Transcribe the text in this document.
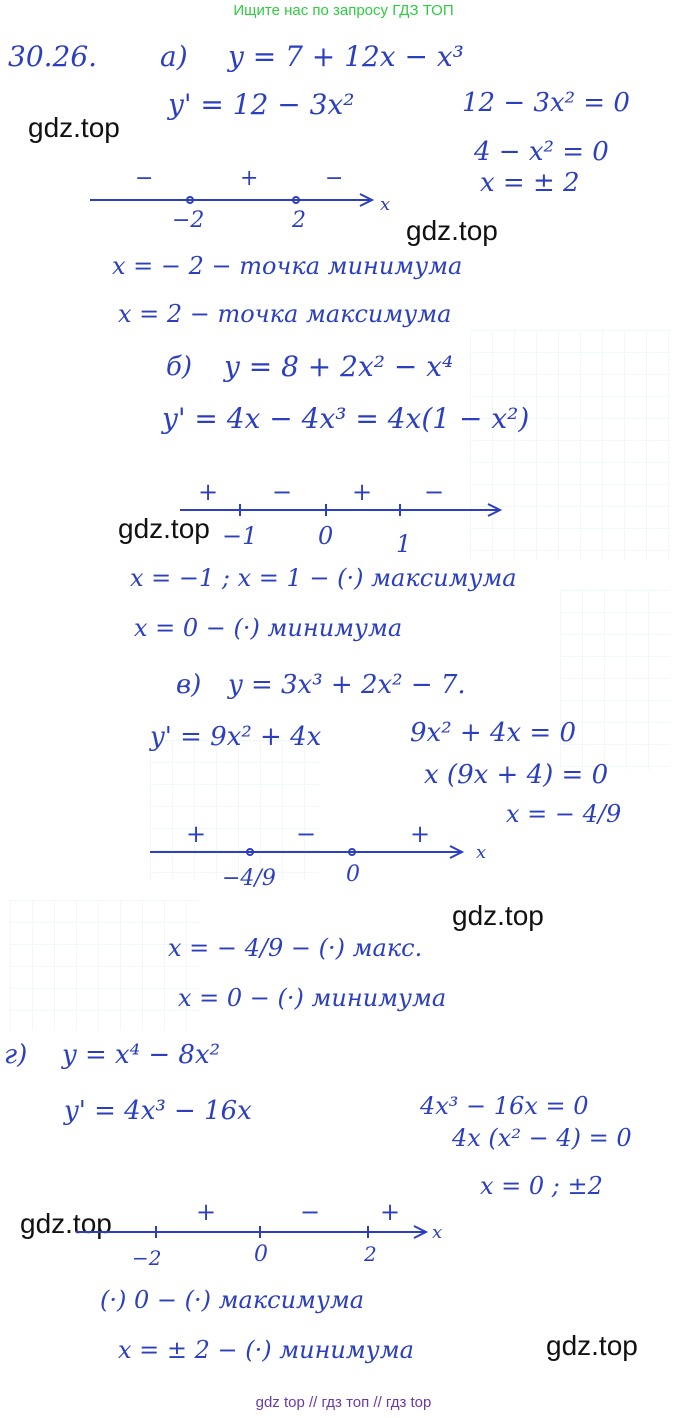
Ищите нас по запросу ГДЗ ТОП
gdz.top
gdz.top
gdz.top
gdz.top
gdz.top
gdz.top
30.26. а) y = 7 + 12x − x³
y' = 12 − 3x²	12 − 3x² = 0
4 − x² = 0
x = ± 2
−	+	−
x
−2	2
x = − 2 − точка минимума
x = 2 − точка максимума
б) y = 8 + 2x² − x⁴
y' = 4x − 4x³ = 4x(1 − x²)
+ − + −
−1	0	1
x = −1 ; x = 1 − (·) максимума
x = 0 − (·) минимума
в) y = 3x³ + 2x² − 7.
y' = 9x² + 4x	9x² + 4x = 0
x (9x + 4) = 0
x = − 4/9
+	−	+
x
−4/9	0
x = − 4/9 − (·) макс.
x = 0 − (·) минимума
г) y = x⁴ − 8x²
y' = 4x³ − 16x	4x³ − 16x = 0
4x (x² − 4) = 0
x = 0 ; ±2
+	− +
x
−2	0	2
(·) 0 − (·) максимума
x = ± 2 − (·) минимума
gdz top // гдз топ // гдз top
